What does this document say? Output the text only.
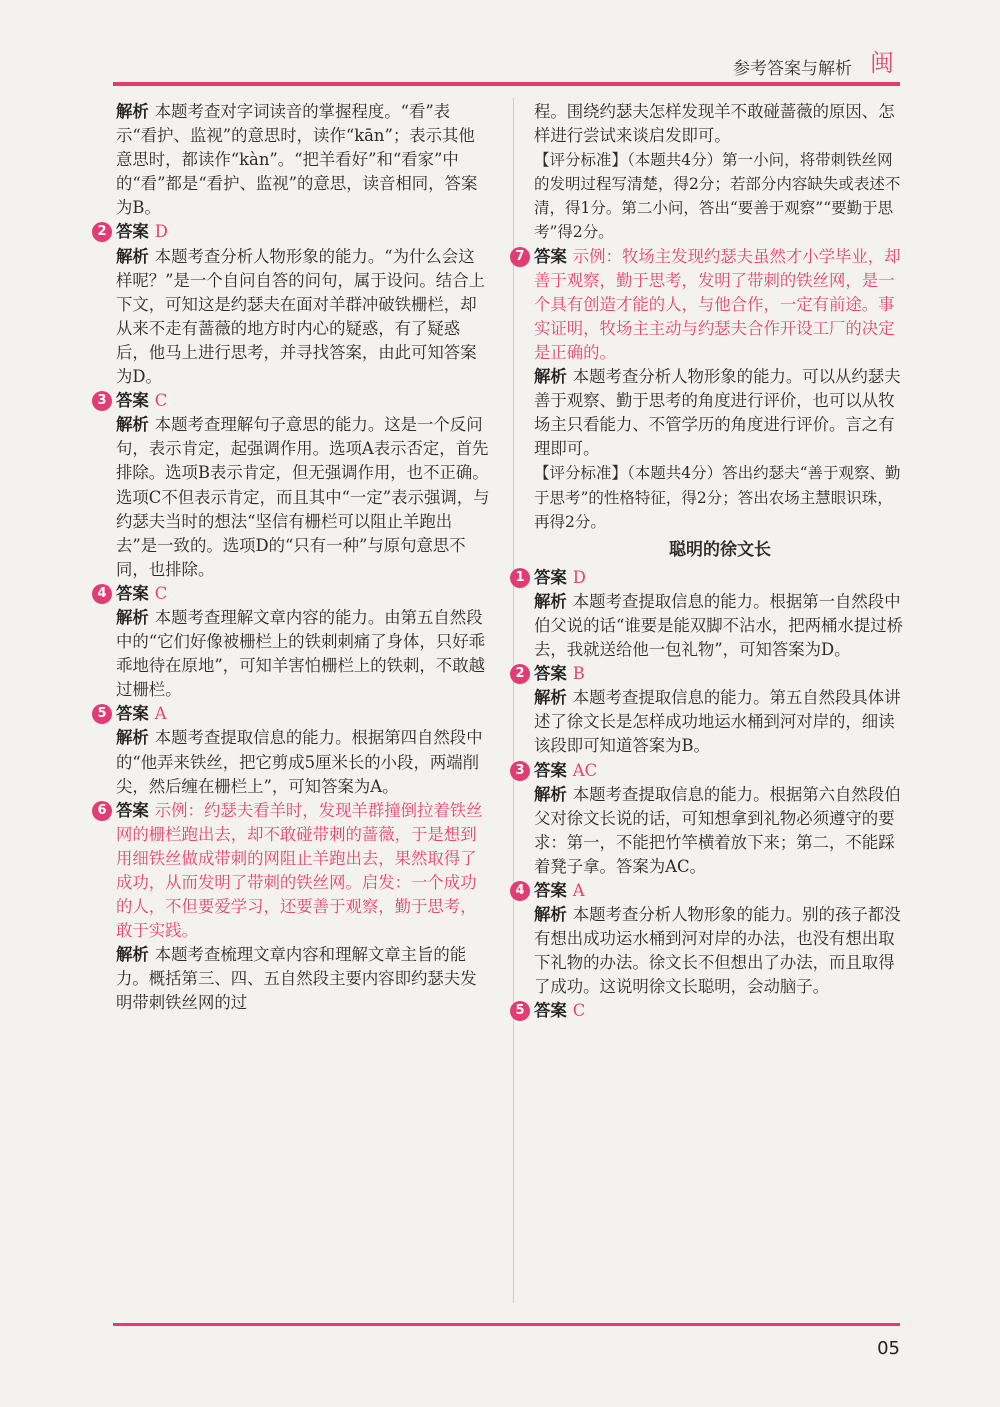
参考答案与解析 闽

解析 本题考查对字词读音的掌握程度。“看”表示“看护、监视”的意思时，读作“kān”；表示其他意思时，都读作“kàn”。“把羊看好”和“看家”中的“看”都是“看护、监视”的意思，读音相同，答案为B。

2 答案 D

解析 本题考查分析人物形象的能力。“为什么会这样呢？”是一个自问自答的问句，属于设问。结合上下文，可知这是约瑟夫在面对羊群冲破铁栅栏，却从来不走有蔷薇的地方时内心的疑惑，有了疑惑后，他马上进行思考，并寻找答案，由此可知答案为D。

3 答案 C

解析 本题考查理解句子意思的能力。这是一个反问句，表示肯定，起强调作用。选项A表示否定，首先排除。选项B表示肯定，但无强调作用，也不正确。选项C不但表示肯定，而且其中“一定”表示强调，与约瑟夫当时的想法“坚信有栅栏可以阻止羊跑出去”是一致的。选项D的“只有一种”与原句意思不同，也排除。

4 答案 C

解析 本题考查理解文章内容的能力。由第五自然段中的“它们好像被栅栏上的铁刺刺痛了身体，只好乖乖地待在原地”，可知羊害怕栅栏上的铁刺，不敢越过栅栏。

5 答案 A

解析 本题考查提取信息的能力。根据第四自然段中的“他弄来铁丝，把它剪成5厘米长的小段，两端削尖，然后缠在栅栏上”，可知答案为A。

6 答案 示例：约瑟夫看羊时，发现羊群撞倒拉着铁丝网的栅栏跑出去，却不敢碰带刺的蔷薇，于是想到用细铁丝做成带刺的网阻止羊跑出去，果然取得了成功，从而发明了带刺的铁丝网。启发：一个成功的人，不但要爱学习，还要善于观察，勤于思考，敢于实践。

解析 本题考查梳理文章内容和理解文章主旨的能力。概括第三、四、五自然段主要内容即约瑟夫发明带刺铁丝网的过

程。围绕约瑟夫怎样发现羊不敢碰蔷薇的原因、怎样进行尝试来谈启发即可。

【评分标准】（本题共4分）第一小问，将带刺铁丝网的发明过程写清楚，得2分；若部分内容缺失或表述不清，得1分。第二小问，答出“要善于观察”“要勤于思考”得2分。

7 答案 示例：牧场主发现约瑟夫虽然才小学毕业，却善于观察，勤于思考，发明了带刺的铁丝网，是一个具有创造才能的人，与他合作，一定有前途。事实证明，牧场主主动与约瑟夫合作开设工厂的决定是正确的。

解析 本题考查分析人物形象的能力。可以从约瑟夫善于观察、勤于思考的角度进行评价，也可以从牧场主只看能力、不管学历的角度进行评价。言之有理即可。

【评分标准】（本题共4分）答出约瑟夫“善于观察、勤于思考”的性格特征，得2分；答出农场主慧眼识珠，再得2分。

聪明的徐文长

1 答案 D

解析 本题考查提取信息的能力。根据第一自然段中伯父说的话“谁要是能双脚不沾水，把两桶水提过桥去，我就送给他一包礼物”，可知答案为D。

2 答案 B

解析 本题考查提取信息的能力。第五自然段具体讲述了徐文长是怎样成功地运水桶到河对岸的，细读该段即可知道答案为B。

3 答案 AC

解析 本题考查提取信息的能力。根据第六自然段伯父对徐文长说的话，可知想拿到礼物必须遵守的要求：第一，不能把竹竿横着放下来；第二，不能踩着凳子拿。答案为AC。

4 答案 A

解析 本题考查分析人物形象的能力。别的孩子都没有想出成功运水桶到河对岸的办法，也没有想出取下礼物的办法。徐文长不但想出了办法，而且取得了成功。这说明徐文长聪明，会动脑子。

5 答案 C

05
